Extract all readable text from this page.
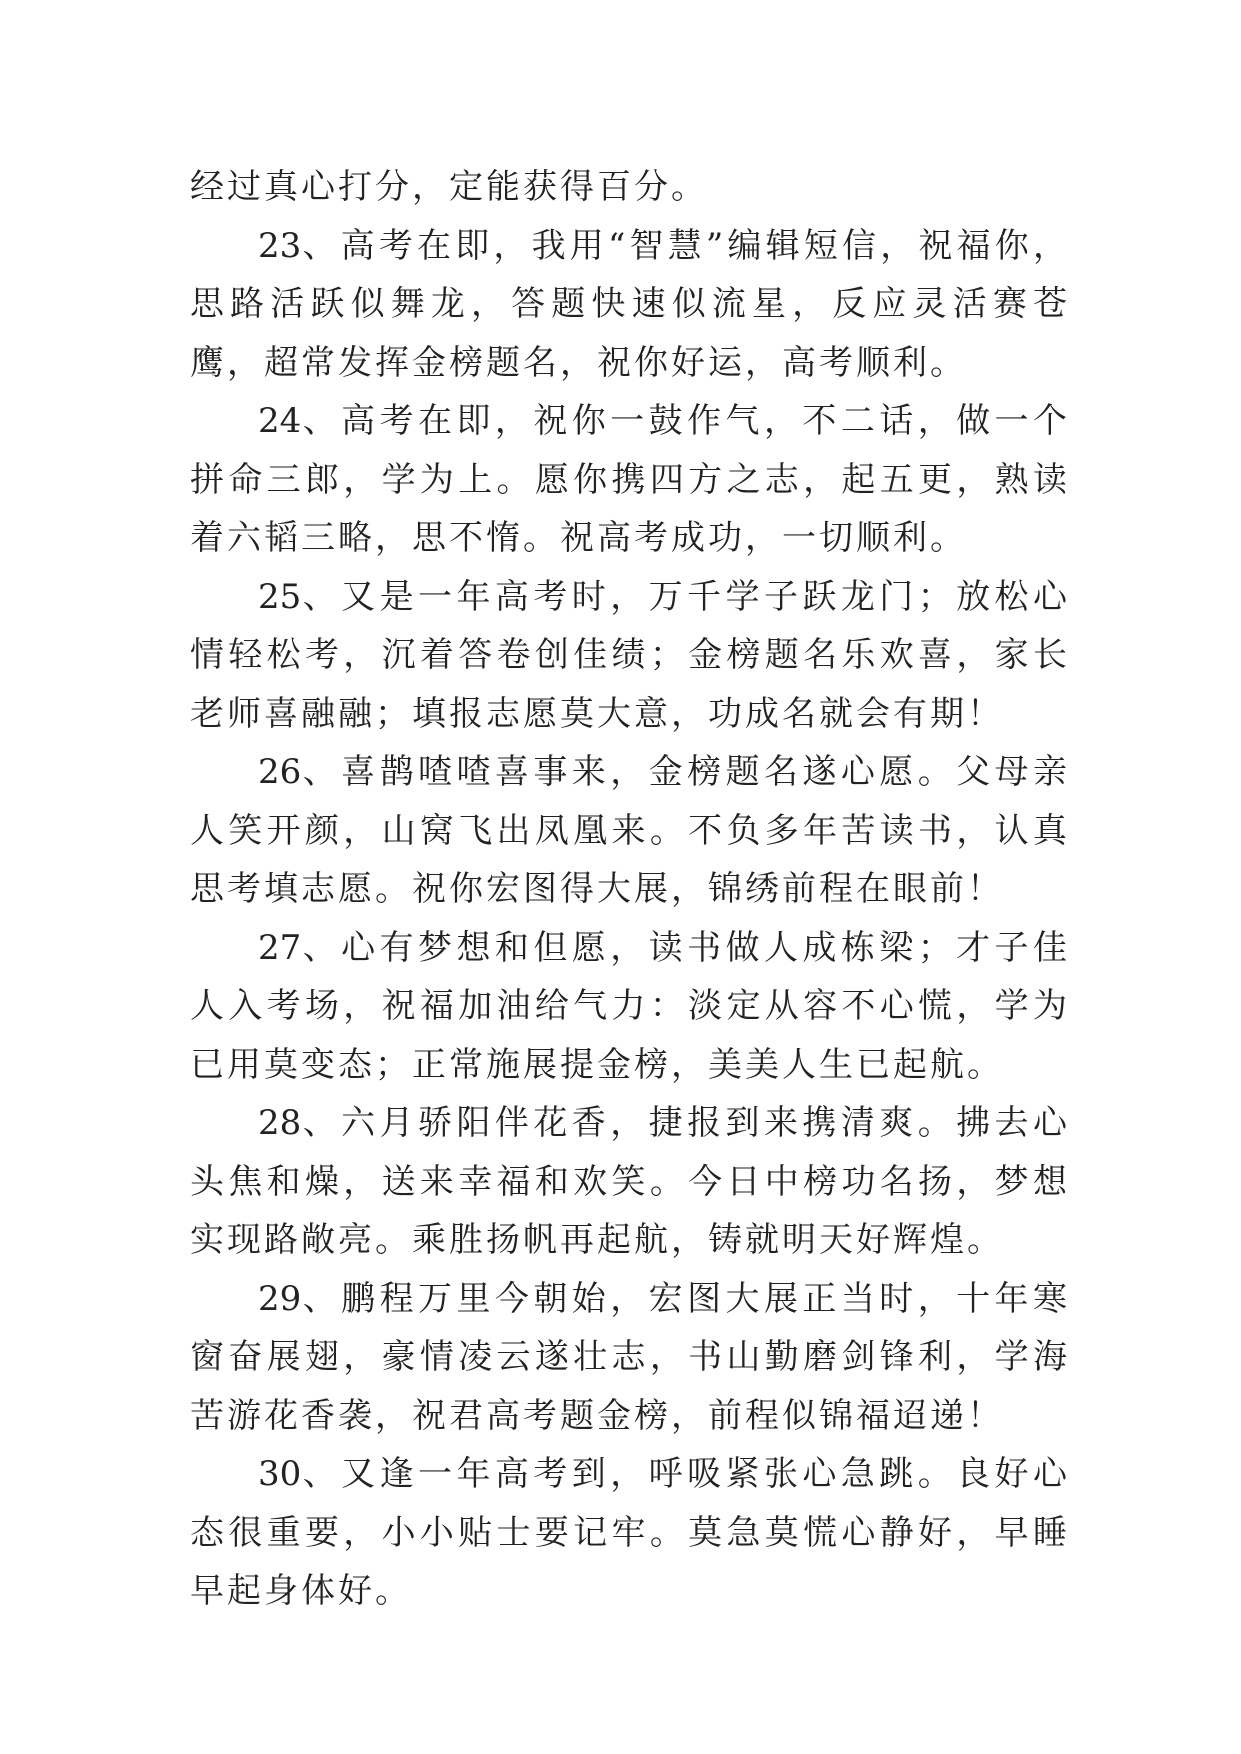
经过真心打分，定能获得百分。

23、高考在即，我用“智慧”编辑短信，祝福你，思路活跃似舞龙，答题快速似流星，反应灵活赛苍鹰，超常发挥金榜题名，祝你好运，高考顺利。

24、高考在即，祝你一鼓作气，不二话，做一个拼命三郎，学为上。愿你携四方之志，起五更，熟读着六韬三略，思不惰。祝高考成功，一切顺利。

25、又是一年高考时，万千学子跃龙门；放松心情轻松考，沉着答卷创佳绩；金榜题名乐欢喜，家长老师喜融融；填报志愿莫大意，功成名就会有期！

26、喜鹊喳喳喜事来，金榜题名遂心愿。父母亲人笑开颜，山窝飞出凤凰来。不负多年苦读书，认真思考填志愿。祝你宏图得大展，锦绣前程在眼前！

27、心有梦想和但愿，读书做人成栋梁；才子佳人入考场，祝福加油给气力：淡定从容不心慌，学为已用莫变态；正常施展提金榜，美美人生已起航。

28、六月骄阳伴花香，捷报到来携清爽。拂去心头焦和燥，送来幸福和欢笑。今日中榜功名扬，梦想实现路敞亮。乘胜扬帆再起航，铸就明天好辉煌。

29、鹏程万里今朝始，宏图大展正当时，十年寒窗奋展翅，豪情凌云遂壮志，书山勤磨剑锋利，学海苦游花香袭，祝君高考题金榜，前程似锦福迢递！

30、又逢一年高考到，呼吸紧张心急跳。良好心态很重要，小小贴士要记牢。莫急莫慌心静好，早睡早起身体好。
